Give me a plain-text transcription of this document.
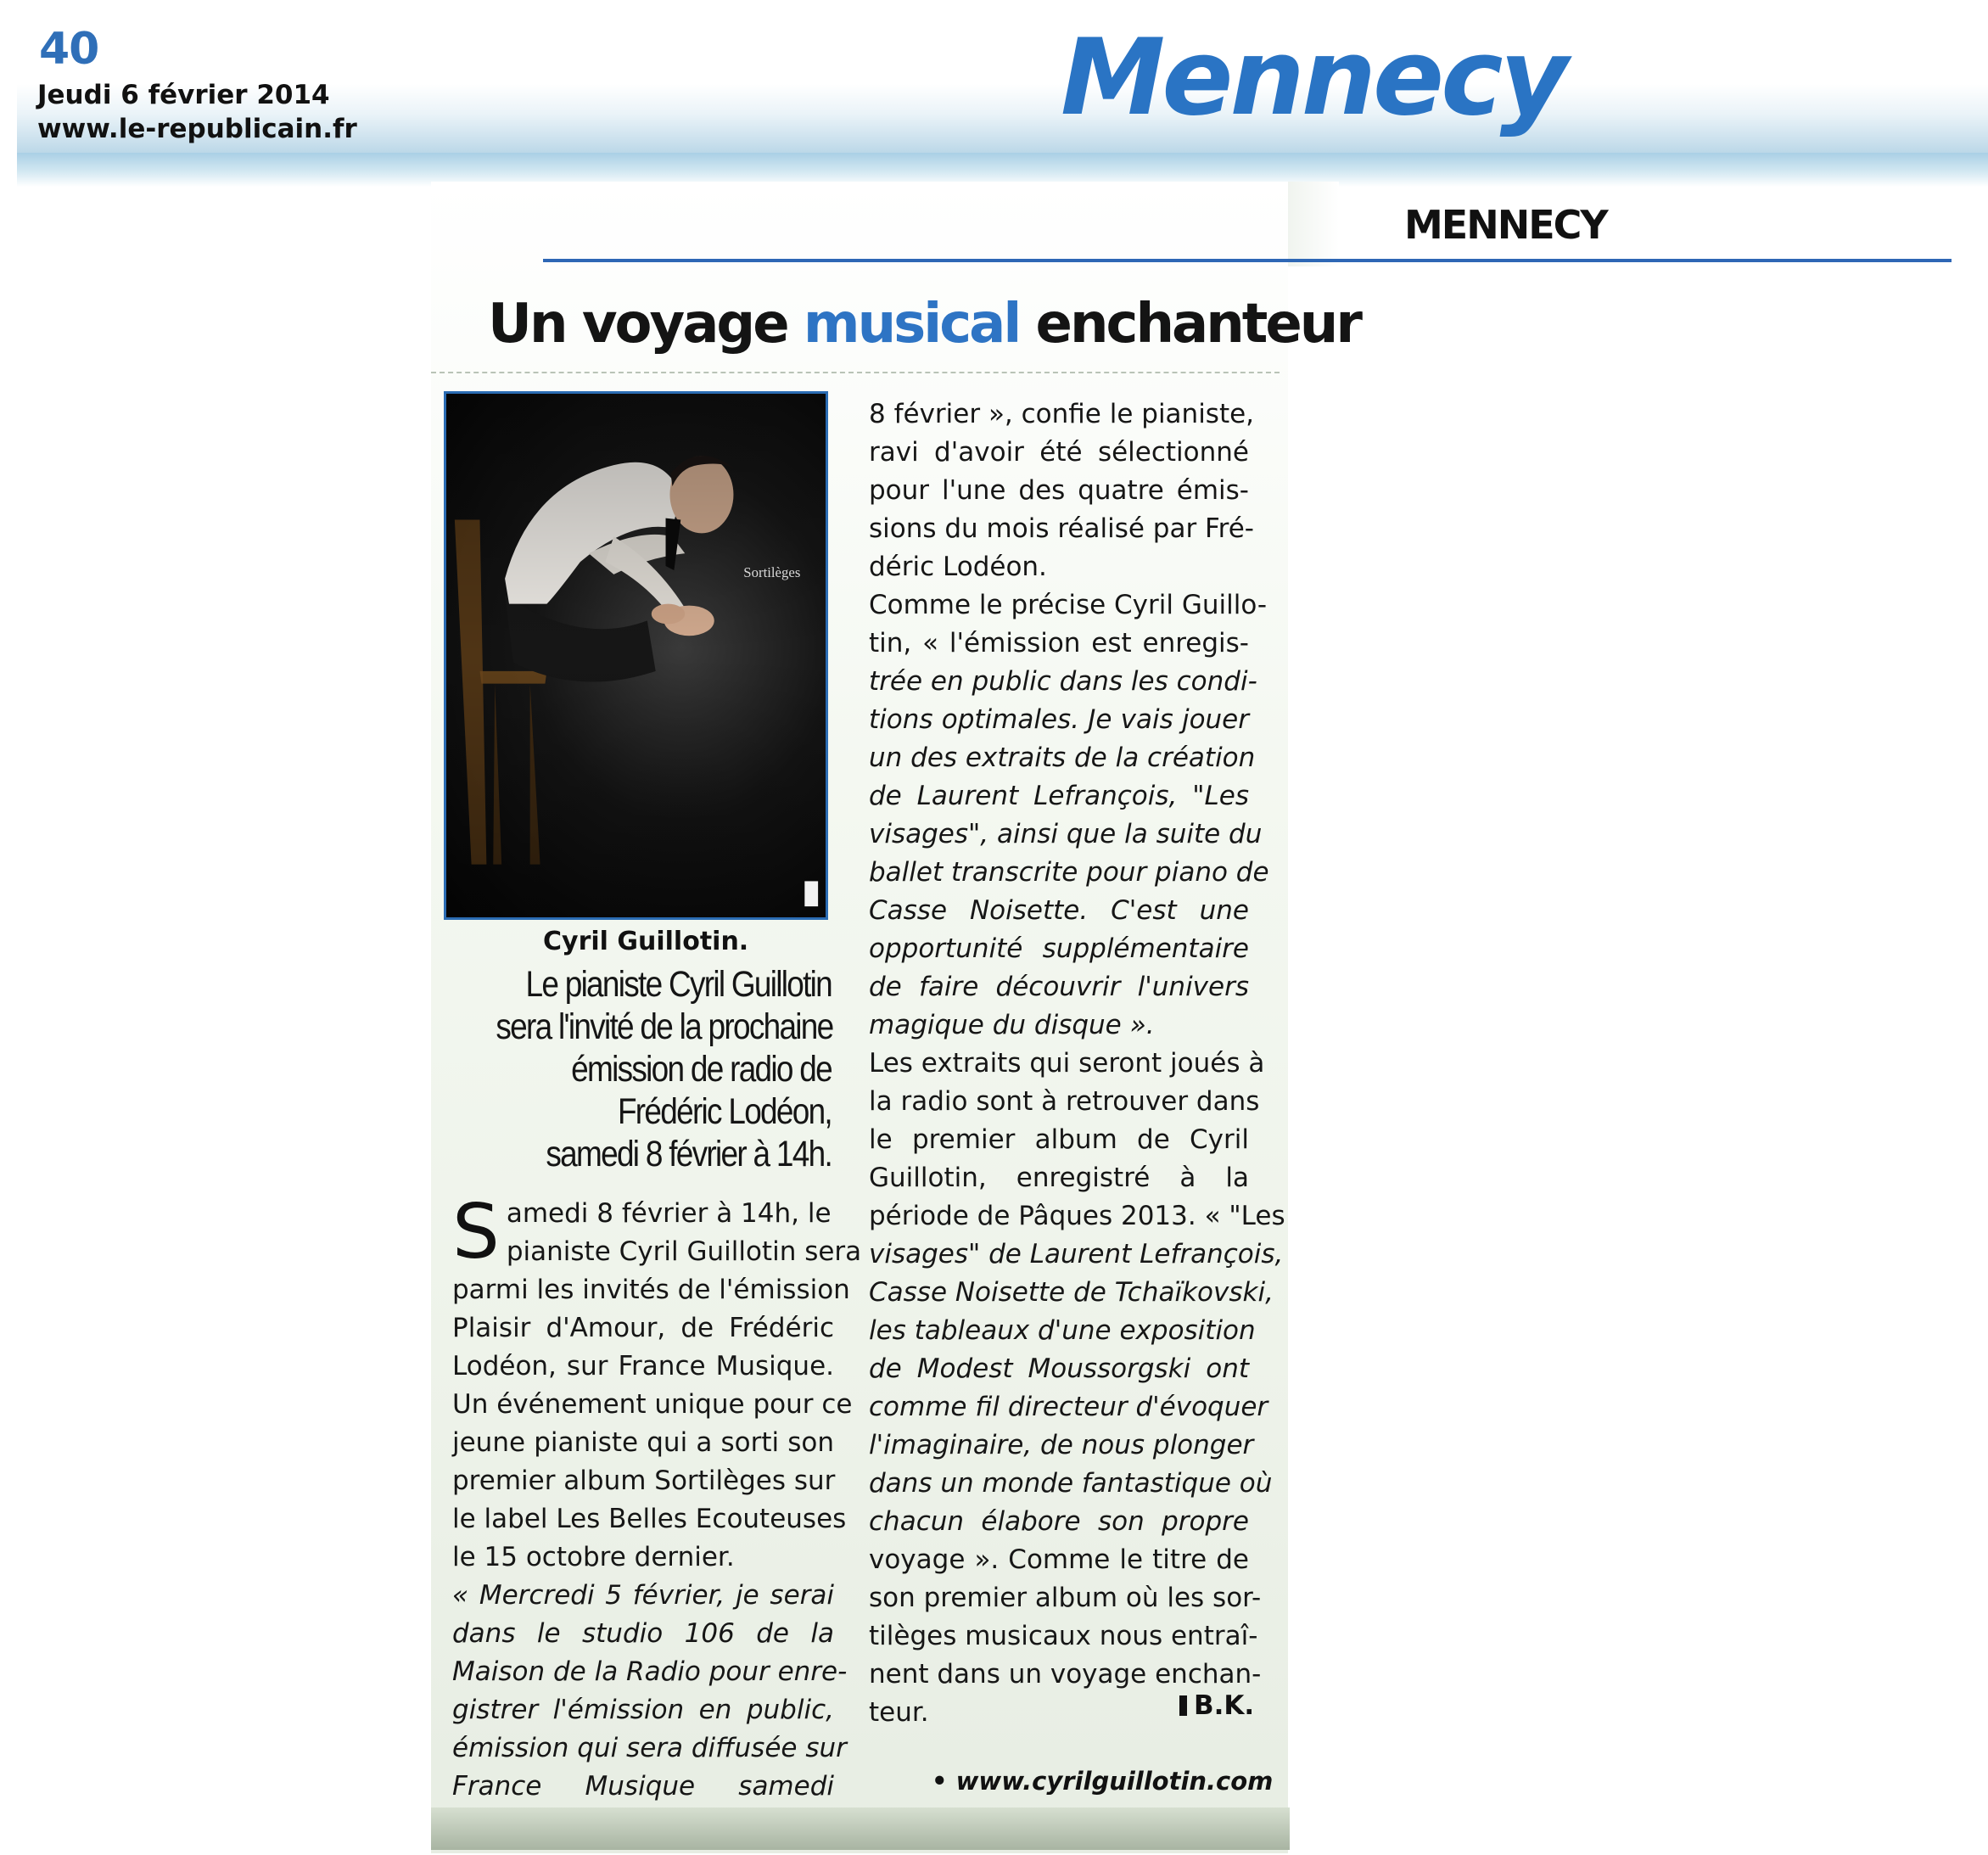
40
Jeudi 6 février 2014
www.le-republicain.fr	Mennecy
MENNECY
Un voyage musical enchanteur
Sortilèges
Cyril Guillotin.
Le pianiste Cyril Guillotin
sera l'invité de la prochaine
émission de radio de
Frédéric Lodéon,
samedi 8 février à 14h.
S amedi 8 février à 14h, le
pianiste Cyril Guillotin sera
parmi les invités de l'émission
Plaisir d'Amour, de Frédéric
Lodéon, sur France Musique.
Un événement unique pour ce
jeune pianiste qui a sorti son
premier album Sortilèges sur
le label Les Belles Ecouteuses
le 15 octobre dernier.
« Mercredi 5 février, je serai
dans le studio 106 de la
Maison de la Radio pour enre-
gistrer l'émission en public,
émission qui sera diffusée sur
France Musique samedi
8 février », confie le pianiste,
ravi d'avoir été sélectionné
pour l'une des quatre émis-
sions du mois réalisé par Fré-
déric Lodéon.
Comme le précise Cyril Guillo-
tin, « l'émission est enregis-
trée en public dans les condi-
tions optimales. Je vais jouer
un des extraits de la création
de Laurent Lefrançois, "Les
visages", ainsi que la suite du
ballet transcrite pour piano de
Casse Noisette. C'est une
opportunité supplémentaire
de faire découvrir l'univers
magique du disque ».
Les extraits qui seront joués à
la radio sont à retrouver dans
le premier album de Cyril
Guillotin, enregistré à la
période de Pâques 2013. « "Les
visages" de Laurent Lefrançois,
Casse Noisette de Tchaïkovski,
les tableaux d'une exposition
de Modest Moussorgski ont
comme fil directeur d'évoquer
l'imaginaire, de nous plonger
dans un monde fantastique où
chacun élabore son propre
voyage ». Comme le titre de
son premier album où les sor-
tilèges musicaux nous entraî-
nent dans un voyage enchan-
teur.	B.K.
• www.cyrilguillotin.com
